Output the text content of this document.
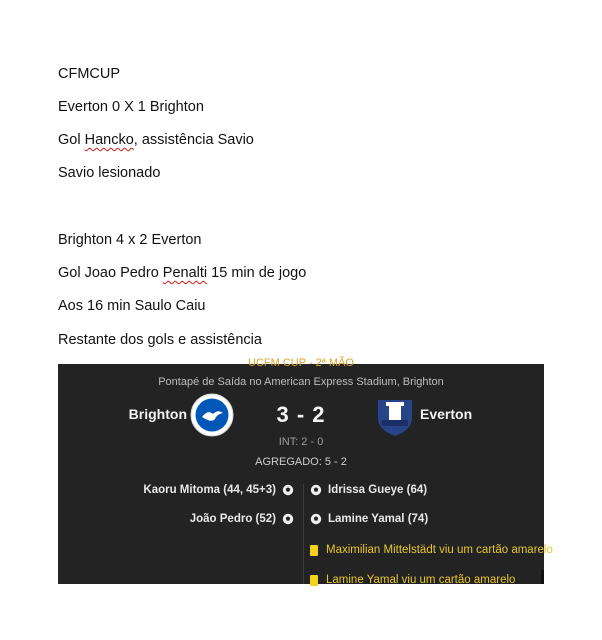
CFMCUP
Everton 0 X 1 Brighton
Gol Hancko, assistência Savio
Savio lesionado
Brighton 4 x 2 Everton
Gol Joao Pedro Penalti 15 min de jogo
Aos 16 min Saulo Caiu
Restante dos gols e assistência
UCFM CUP - 2ª MÃO
Pontapé de Saída no American Express Stadium, Brighton
Brighton	3 - 2	Everton
INT: 2 - 0
AGREGADO: 5 - 2
Kaoru Mitoma (44, 45+3)
João Pedro (52)
Idrissa Gueye (64)
Lamine Yamal (74)
Maximilian Mittelstädt viu um cartão amarelo
Lamine Yamal viu um cartão amarelo
